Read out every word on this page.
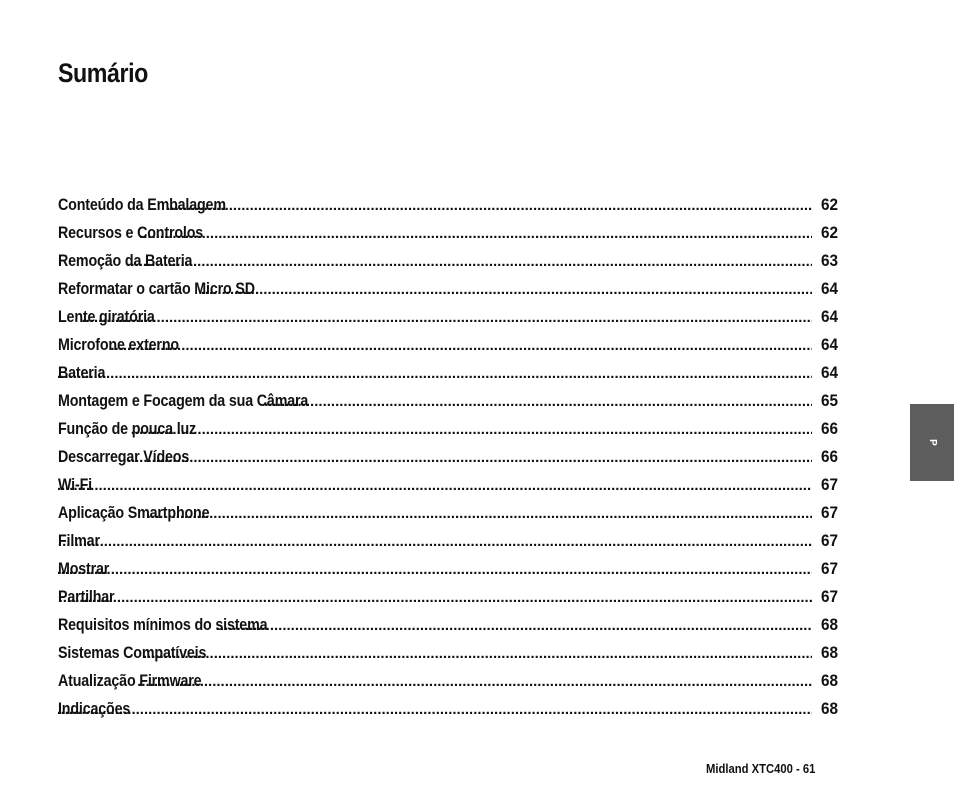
Sumário
Conteúdo da Embalagem .....	62
Recursos e Controlos .....	62
Remoção da Bateria .....	63
Reformatar o cartão Micro SD .....	64
Lente giratória .....	64
Microfone externo .....	64
Bateria .....	64
Montagem e Focagem da sua Câmara .....	65
Função de pouca luz .....	66
Descarregar Vídeos .....	66
Wi-Fi .....	67
Aplicação Smartphone .....	67
Filmar .....	67
Mostrar .....	67
Partilhar .....	67
Requisitos mínimos do sistema .....	68
Sistemas Compatíveis .....	68
Atualização Firmware .....	68
Indicações .....	68
P
Midland XTC400 - 61
